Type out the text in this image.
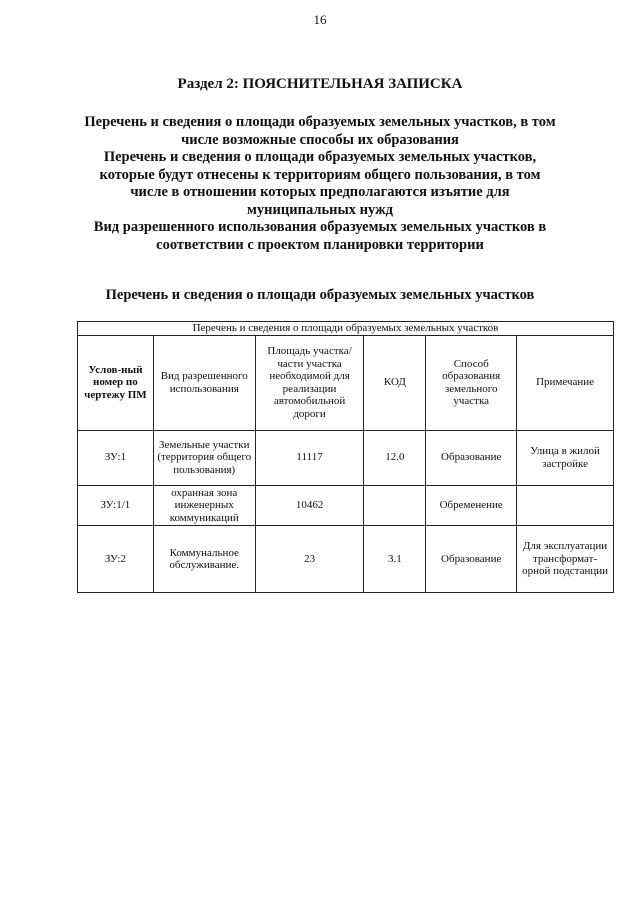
16
Раздел 2: ПОЯСНИТЕЛЬНАЯ ЗАПИСКА
Перечень и сведения о площади образуемых земельных участков, в том
числе возможные способы их образования
Перечень и сведения о площади образуемых земельных участков,
которые будут отнесены к территориям общего пользования, в том
числе в отношении которых предполагаются изъятие для
муниципальных нужд
Вид разрешенного использования образуемых земельных участков в
соответствии с проектом планировки территории
Перечень и сведения о площади образуемых земельных участков
Перечень и сведения о площади образуемых земельных участков					
Услов-ный номер по чертежу ПМ	Вид разрешенного использования	Площадь участка/части участка необходимой для реализации автомобильной дороги	КОД	Способ образования земельного участка	Примечание
ЗУ:1	Земельные участки (территория общего пользования)	11117	12.0	Образование	Улица в жилой застройке
ЗУ:1/1	охранная зона инженерных коммуникаций	10462		Обременение	
ЗУ:2	Коммунальное обслуживание.	23	3.1	Образование	Для эксплуатации трансформат-орной подстанции
